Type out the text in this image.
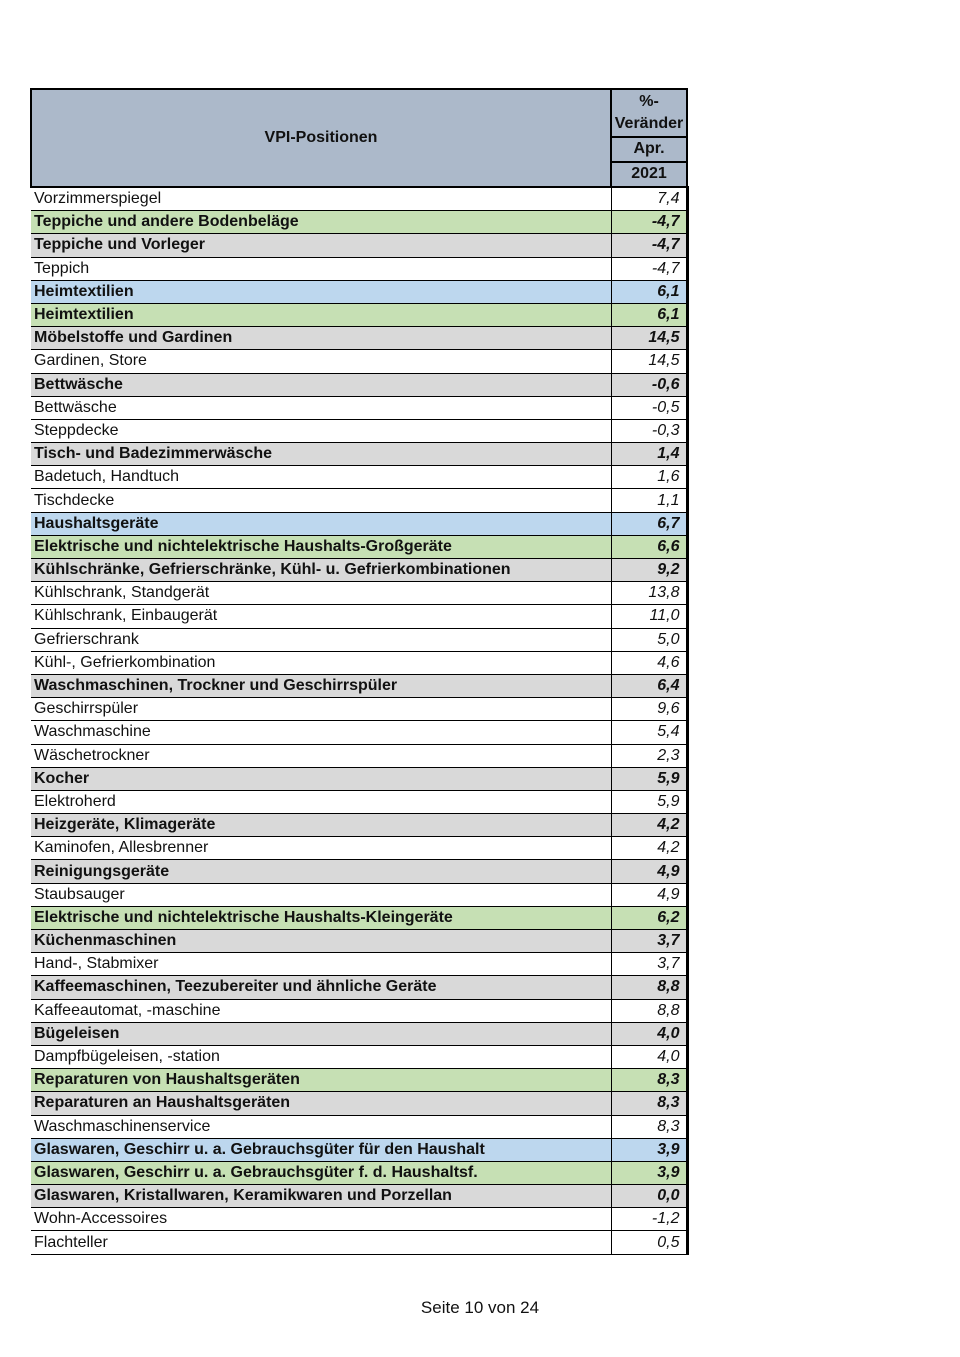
VPI-Positionen	%-
Veränder
	Apr.
	2021
Vorzimmerspiegel	7,4
Teppiche und andere Bodenbeläge	-4,7
Teppiche und Vorleger	-4,7
Teppich	-4,7
Heimtextilien	6,1
Heimtextilien	6,1
Möbelstoffe und Gardinen	14,5
Gardinen, Store	14,5
Bettwäsche	-0,6
Bettwäsche	-0,5
Steppdecke	-0,3
Tisch- und Badezimmerwäsche	1,4
Badetuch, Handtuch	1,6
Tischdecke	1,1
Haushaltsgeräte	6,7
Elektrische und nichtelektrische Haushalts-Großgeräte	6,6
Kühlschränke, Gefrierschränke, Kühl- u. Gefrierkombinationen	9,2
Kühlschrank, Standgerät	13,8
Kühlschrank, Einbaugerät	11,0
Gefrierschrank	5,0
Kühl-, Gefrierkombination	4,6
Waschmaschinen, Trockner und Geschirrspüler	6,4
Geschirrspüler	9,6
Waschmaschine	5,4
Wäschetrockner	2,3
Kocher	5,9
Elektroherd	5,9
Heizgeräte, Klimageräte	4,2
Kaminofen, Allesbrenner	4,2
Reinigungsgeräte	4,9
Staubsauger	4,9
Elektrische und nichtelektrische Haushalts-Kleingeräte	6,2
Küchenmaschinen	3,7
Hand-, Stabmixer	3,7
Kaffeemaschinen, Teezubereiter und ähnliche Geräte	8,8
Kaffeeautomat, -maschine	8,8
Bügeleisen	4,0
Dampfbügeleisen, -station	4,0
Reparaturen von Haushaltsgeräten	8,3
Reparaturen an Haushaltsgeräten	8,3
Waschmaschinenservice	8,3
Glaswaren, Geschirr u. a. Gebrauchsgüter für den Haushalt	3,9
Glaswaren, Geschirr u. a. Gebrauchsgüter f. d. Haushaltsf.	3,9
Glaswaren, Kristallwaren, Keramikwaren und Porzellan	0,0
Wohn-Accessoires	-1,2
Flachteller	0,5
Seite 10 von 24
